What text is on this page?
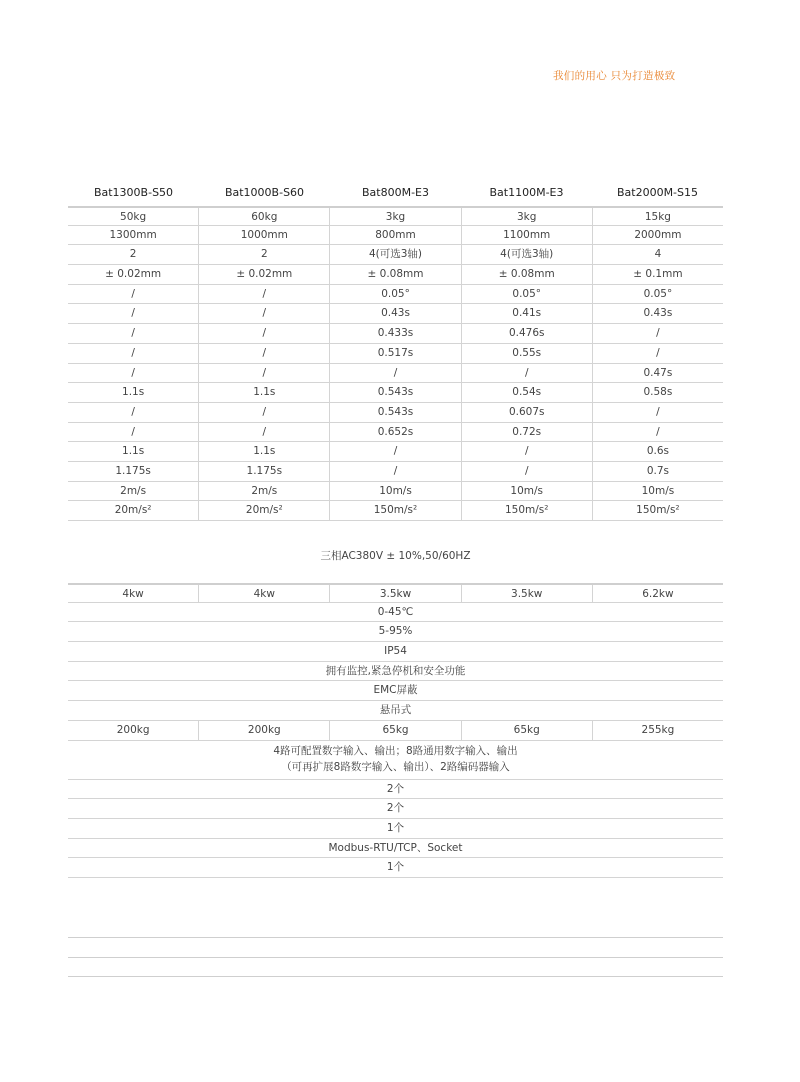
我们的用心 只为打造极致
Bat1300B-S50	Bat1000B-S60	Bat800M-E3	Bat1100M-E3	Bat2000M-S15
50kg	60kg	3kg	3kg	15kg
1300mm	1000mm	800mm	1100mm	2000mm
2	2	4(可选3轴)	4(可选3轴)	4
± 0.02mm	± 0.02mm	± 0.08mm	± 0.08mm	± 0.1mm
/	/	0.05°	0.05°	0.05°
/	/	0.43s	0.41s	0.43s
/	/	0.433s	0.476s	/
/	/	0.517s	0.55s	/
/	/	/	/	0.47s
1.1s	1.1s	0.543s	0.54s	0.58s
/	/	0.543s	0.607s	/
/	/	0.652s	0.72s	/
1.1s	1.1s	/	/	0.6s
1.175s	1.175s	/	/	0.7s
2m/s	2m/s	10m/s	10m/s	10m/s
20m/s²	20m/s²	150m/s²	150m/s²	150m/s²
三相AC380V ± 10%,50/60HZ
4kw	4kw	3.5kw	3.5kw	6.2kw
0-45℃
5-95%
IP54
拥有监控,紧急停机和安全功能
EMC屏蔽
悬吊式
200kg	200kg	65kg	65kg	255kg
4路可配置数字输入、输出；8路通用数字输入、输出
（可再扩展8路数字输入、输出）、2路编码器输入
2个
2个
1个
Modbus-RTU/TCP、Socket
1个
